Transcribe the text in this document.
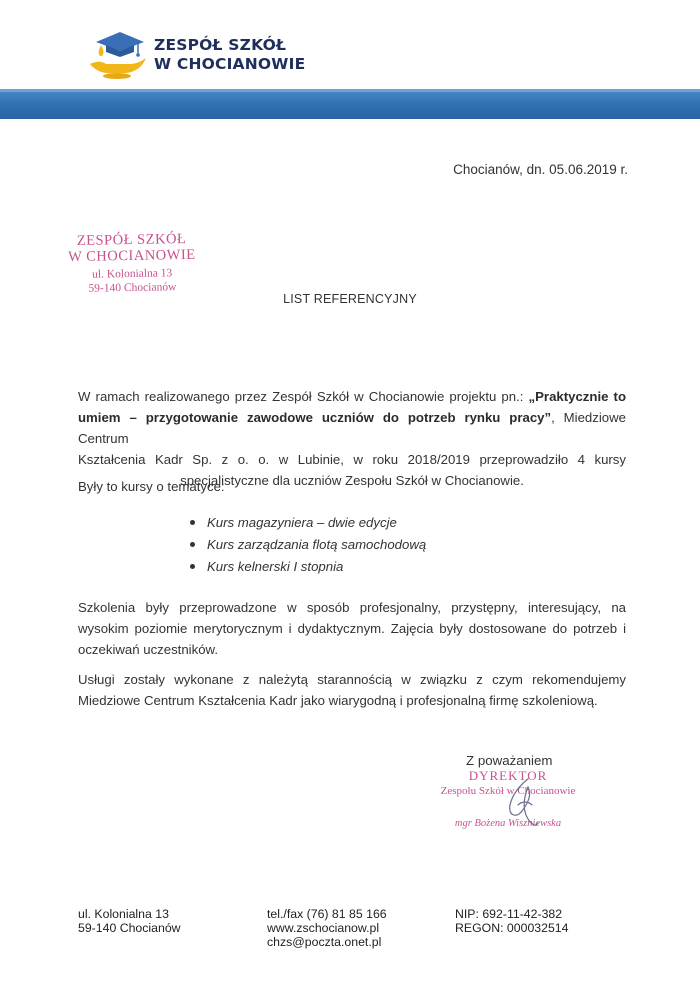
ZESPÓŁ SZKÓŁ
W CHOCIANOWIE
Chocianów, dn. 05.06.2019 r.
ZESPÓŁ SZKÓŁ
W CHOCIANOWIE
ul. Kolonialna 13
59-140 Chocianów
LIST REFERENCYJNY
W ramach realizowanego przez Zespół Szkół w Chocianowie projektu pn.: „Praktycznie to
umiem – przygotowanie zawodowe uczniów do potrzeb rynku pracy”, Miedziowe Centrum
Kształcenia Kadr Sp. z o. o. w Lubinie, w roku 2018/2019 przeprowadziło 4 kursy
specjalistyczne dla uczniów Zespołu Szkół w Chocianowie.
Były to kursy o tematyce:
Kurs magazyniera – dwie edycje
Kurs zarządzania flotą samochodową
Kurs kelnerski I stopnia
Szkolenia były przeprowadzone w sposób profesjonalny, przystępny, interesujący, na wysokim poziomie merytorycznym i dydaktycznym. Zajęcia były dostosowane do potrzeb i oczekiwań uczestników.
Usługi zostały wykonane z należytą starannością w związku z czym rekomendujemy Miedziowe Centrum Kształcenia Kadr jako wiarygodną i profesjonalną firmę szkoleniową.
Z poważaniem
DYREKTOR
Zespołu Szkół w Chocianowie
mgr Bożena Wiszniewska
ul. Kolonialna 13
59-140 Chocianów
tel./fax (76) 81 85 166
www.zschocianow.pl
chzs@poczta.onet.pl
NIP: 692-11-42-382
REGON: 000032514
